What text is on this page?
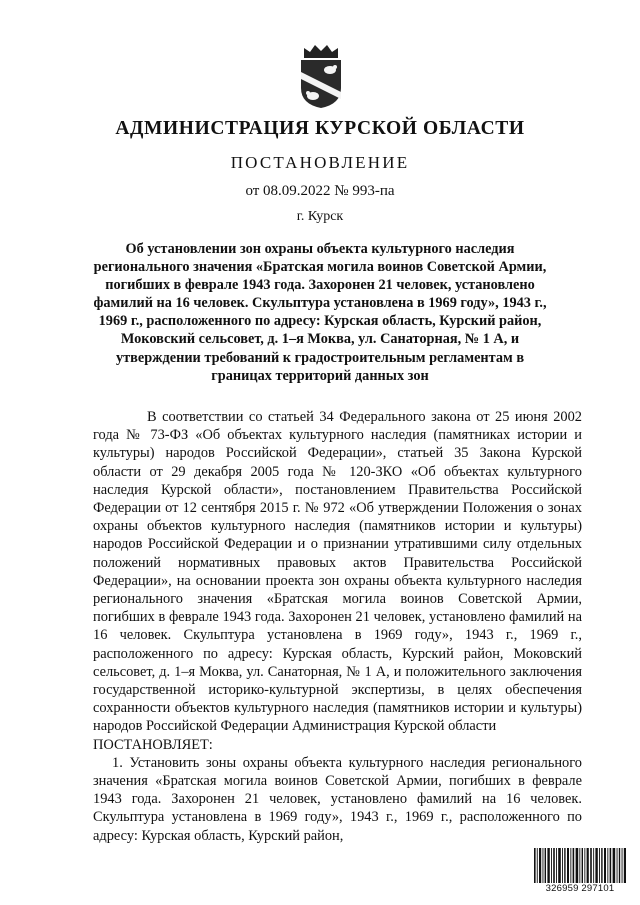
АДМИНИСТРАЦИЯ КУРСКОЙ ОБЛАСТИ
ПОСТАНОВЛЕНИЕ
от 08.09.2022 № 993-па
г. Курск
Об установлении зон охраны объекта культурного наследия регионального значения «Братская могила воинов Советской Армии, погибших в феврале 1943 года. Захоронен 21 человек, установлено фамилий на 16 человек. Скульптура установлена в 1969 году», 1943 г., 1969 г., расположенного по адресу: Курская область, Курский район, Моковский сельсовет, д. 1–я Моква, ул. Санаторная, № 1 А, и утверждении требований к градостроительным регламентам в границах территорий данных зон

В соответствии со статьей 34 Федерального закона от 25 июня 2002 года № 73-ФЗ «Об объектах культурного наследия (памятниках истории и культуры) народов Российской Федерации», статьей 35 Закона Курской области от 29 декабря 2005 года № 120-ЗКО «Об объектах культурного наследия Курской области», постановлением Правительства Российской Федерации от 12 сентября 2015 г. № 972 «Об утверждении Положения о зонах охраны объектов культурного наследия (памятников истории и культуры) народов Российской Федерации и о признании утратившими силу отдельных положений нормативных правовых актов Правительства Российской Федерации», на основании проекта зон охраны объекта культурного наследия регионального значения «Братская могила воинов Советской Армии, погибших в феврале 1943 года. Захоронен 21 человек, установлено фамилий на 16 человек. Скульптура установлена в 1969 году», 1943 г., 1969 г., расположенного по адресу: Курская область, Курский район, Моковский сельсовет, д. 1–я Моква, ул. Санаторная, № 1 А, и положительного заключения государственной историко-культурной экспертизы, в целях обеспечения сохранности объектов культурного наследия (памятников истории и культуры) народов Российской Федерации Администрация Курской области

ПОСТАНОВЛЯЕТ:

1. Установить зоны охраны объекта культурного наследия регионального значения «Братская могила воинов Советской Армии, погибших в феврале 1943 года. Захоронен 21 человек, установлено фамилий на 16 человек. Скульптура установлена в 1969 году», 1943 г., 1969 г., расположенного по адресу: Курская область, Курский район,

326959 297101
